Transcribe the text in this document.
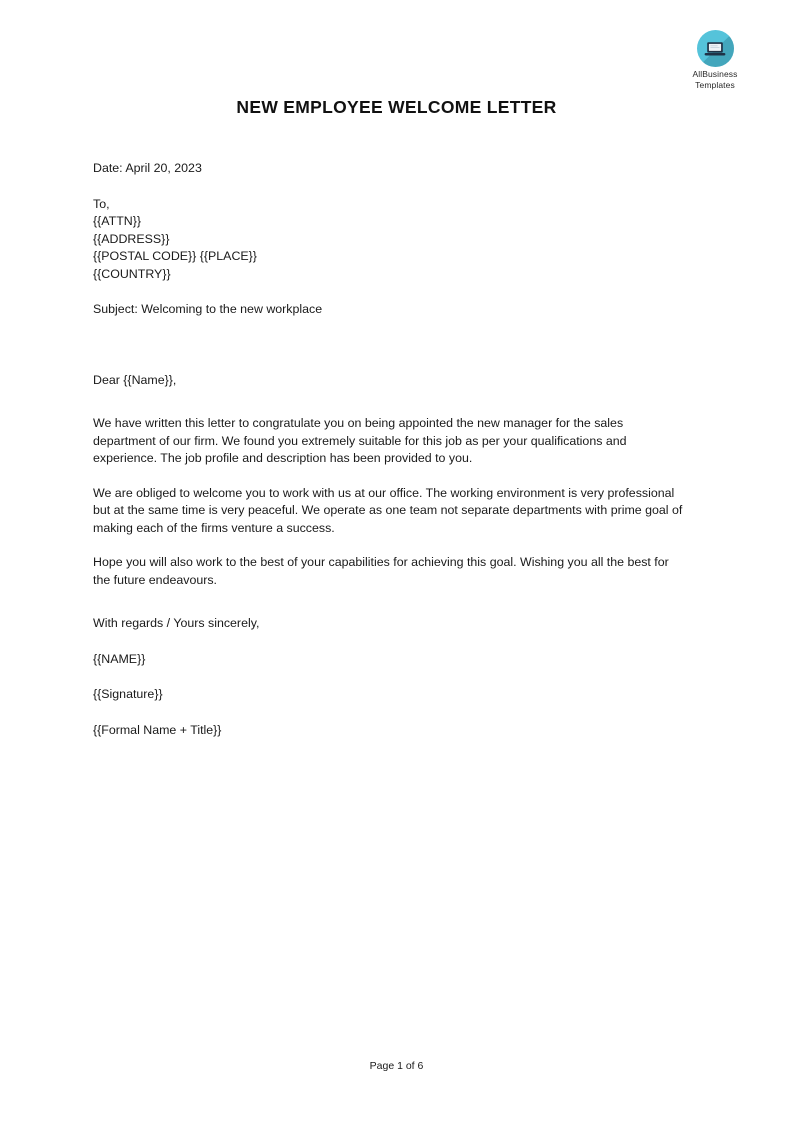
AllBusiness
Templates
NEW EMPLOYEE WELCOME LETTER
Date: April 20, 2023
To,
{{ATTN}}
{{ADDRESS}}
{{POSTAL CODE}} {{PLACE}}
{{COUNTRY}}
Subject: Welcoming to the new workplace
Dear {{Name}},

We have written this letter to congratulate you on being appointed the new manager for the sales department of our firm. We found you extremely suitable for this job as per your qualifications and experience. The job profile and description has been provided to you.

We are obliged to welcome you to work with us at our office. The working environment is very professional but at the same time is very peaceful. We operate as one team not separate departments with prime goal of making each of the firms venture a success.

Hope you will also work to the best of your capabilities for achieving this goal. Wishing you all the best for the future endeavours.

With regards / Yours sincerely,
{{NAME}}
{{Signature}}
{{Formal Name + Title}}
Page 1 of 6
